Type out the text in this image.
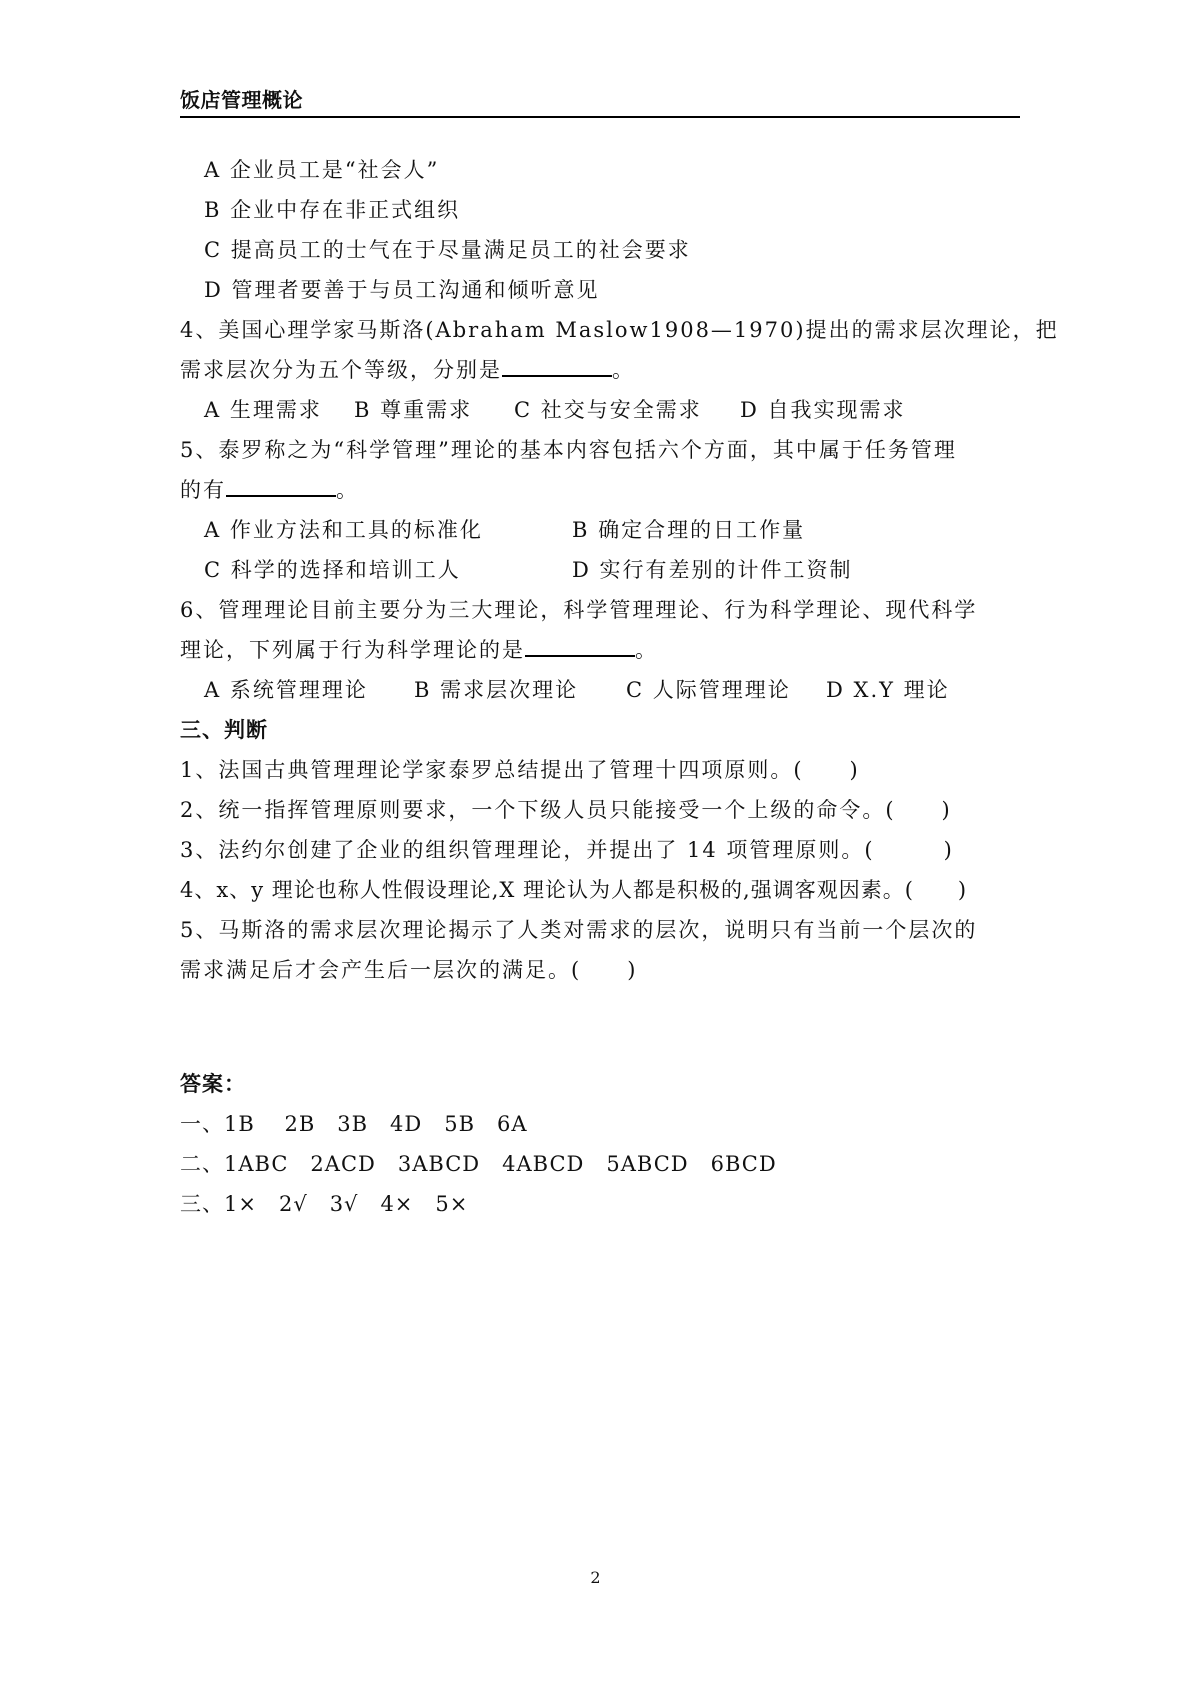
饭店管理概论
A 企业员工是“社会人”
B 企业中存在非正式组织
C 提高员工的士气在于尽量满足员工的社会要求
D 管理者要善于与员工沟通和倾听意见
4、美国心理学家马斯洛(Abraham Maslow1908—1970)提出的需求层次理论，把
需求层次分为五个等级，分别是	。
A 生理需求	B 尊重需求	C 社交与安全需求	D 自我实现需求
5、泰罗称之为“科学管理”理论的基本内容包括六个方面，其中属于任务管理
的有	。
A 作业方法和工具的标准化	B 确定合理的日工作量
C 科学的选择和培训工人	D 实行有差别的计件工资制
6、管理理论目前主要分为三大理论，科学管理理论、行为科学理论、现代科学
理论，下列属于行为科学理论的是	。
A 系统管理理论	B 需求层次理论	C 人际管理理论	D X.Y 理论
三、判断
1、法国古典管理理论学家泰罗总结提出了管理十四项原则。(　　)
2、统一指挥管理原则要求，一个下级人员只能接受一个上级的命令。(　　)
3、法约尔创建了企业的组织管理理论，并提出了 14 项管理原则。(　　　)
4、x、y 理论也称人性假设理论,X 理论认为人都是积极的,强调客观因素。(　　)
5、马斯洛的需求层次理论揭示了人类对需求的层次，说明只有当前一个层次的
需求满足后才会产生后一层次的满足。(　　)
答案：
一、1B　 2B　3B　4D　5B　6A
二、1ABC　2ACD　3ABCD　4ABCD　5ABCD　6BCD
三、1×　2√　3√　4×　5×
2
